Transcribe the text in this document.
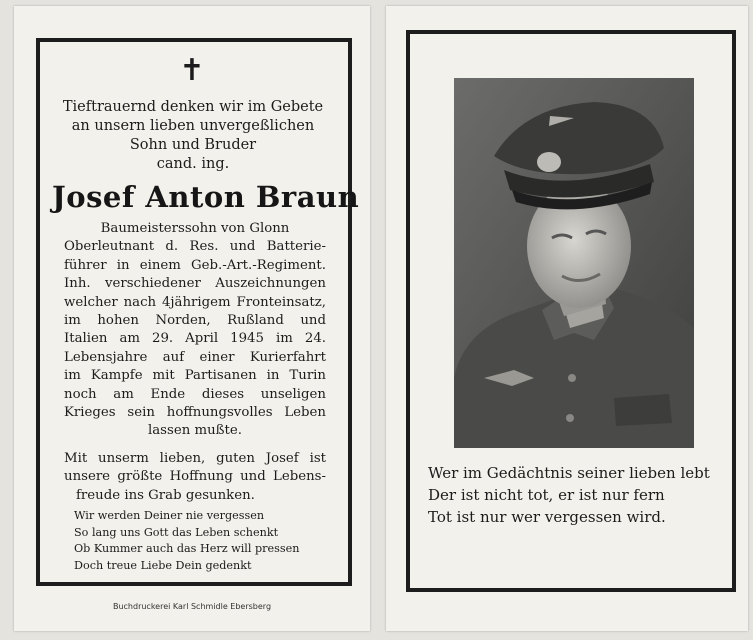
✝
Tieftrauernd denken wir im Gebete
an unsern lieben unvergeßlichen
Sohn und Bruder
cand. ing.
Josef Anton Braun
Baumeisterssohn von Glonn
Oberleutnant d. Res. und Batterie-
führer in einem Geb.-Art.-Regiment.
Inh. verschiedener Auszeichnungen
welcher nach 4jährigem Fronteinsatz,
im hohen Norden, Rußland und
Italien am 29. April 1945 im 24.
Lebensjahre auf einer Kurierfahrt
im Kampfe mit Partisanen in Turin
noch am Ende dieses unseligen
Krieges sein hoffnungsvolles Leben
lassen mußte.
Mit unserm lieben, guten Josef ist
unsere größte Hoffnung und Lebens-
freude ins Grab gesunken.
Wir werden Deiner nie vergessen
So lang uns Gott das Leben schenkt
Ob Kummer auch das Herz will pressen
Doch treue Liebe Dein gedenkt
Buchdruckerei Karl Schmidle Ebersberg
Wer im Gedächtnis seiner lieben lebt
Der ist nicht tot, er ist nur fern
Tot ist nur wer vergessen wird.
